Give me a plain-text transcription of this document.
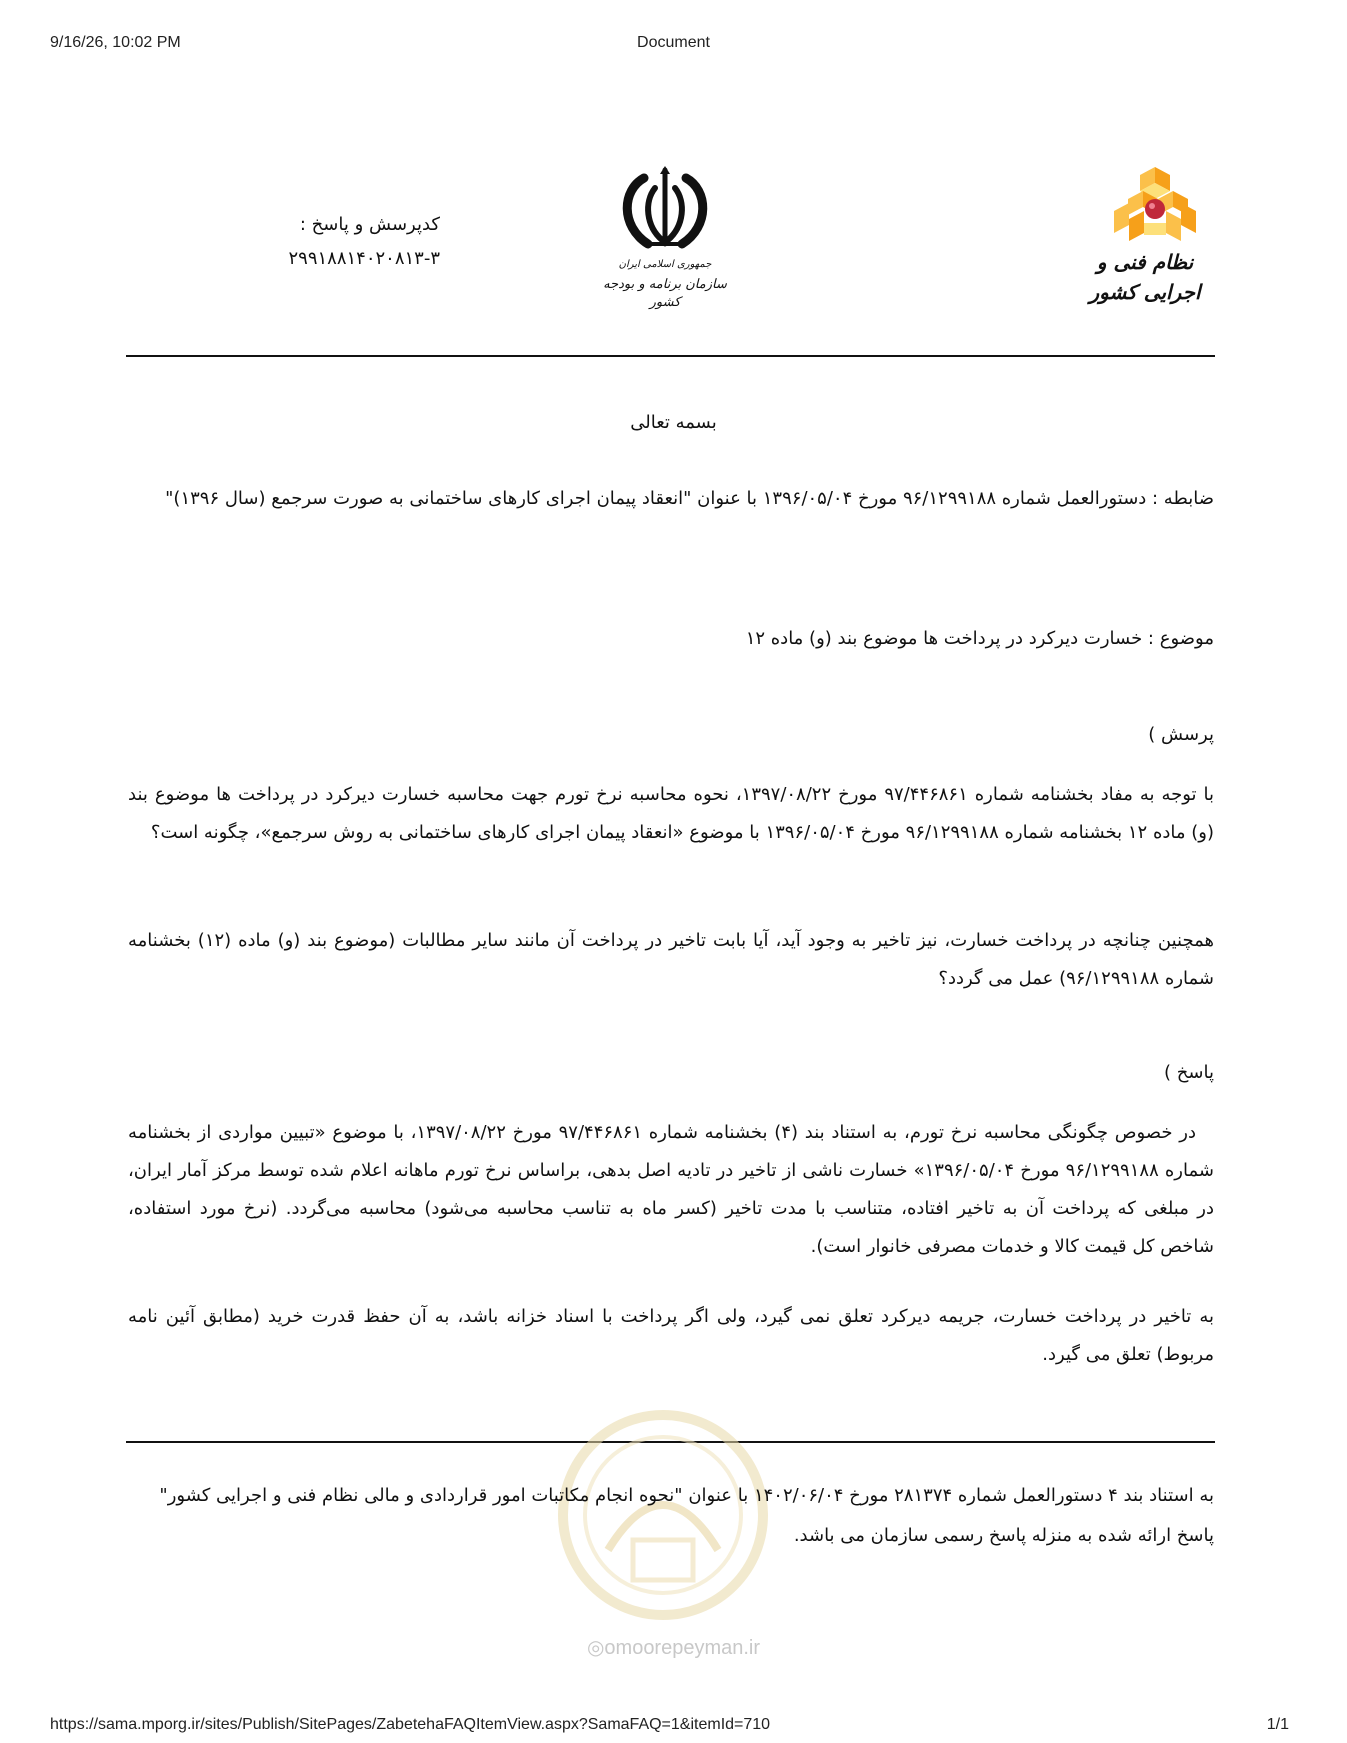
9/16/26, 10:02 PM	Document
کدپرسش و پاسخ :
۲۹۹۱۸۸۱۴۰۲۰۸۱۳-۳	جمهوری اسلامی ایران
سازمان برنامه و بودجه کشور
نظام فنی و اجرایی کشور
بسمه تعالی
ضابطه : دستورالعمل شماره ۹۶/۱۲۹۹۱۸۸ مورخ ۱۳۹۶/۰۵/۰۴ با عنوان "انعقاد پیمان اجرای کارهای ساختمانی به صورت سرجمع (سال ۱۳۹۶)"
موضوع : خسارت دیرکرد در پرداخت ها موضوع بند (و) ماده ۱۲
پرسش )
با توجه به مفاد بخشنامه شماره ۹۷/۴۴۶۸۶۱ مورخ ۱۳۹۷/۰۸/۲۲، نحوه محاسبه نرخ تورم جهت محاسبه خسارت دیرکرد در پرداخت ها موضوع بند (و) ماده ۱۲ بخشنامه شماره ۹۶/۱۲۹۹۱۸۸ مورخ ۱۳۹۶/۰۵/۰۴ با موضوع «انعقاد پیمان اجرای کارهای ساختمانی به روش سرجمع»، چگونه است؟
همچنین چنانچه در پرداخت خسارت، نیز تاخیر به وجود آید، آیا بابت تاخیر در پرداخت آن مانند سایر مطالبات (موضوع بند (و) ماده (۱۲) بخشنامه شماره ۹۶/۱۲۹۹۱۸۸) عمل می گردد؟
پاسخ )
در خصوص چگونگی محاسبه نرخ تورم، به استناد بند (۴) بخشنامه شماره ۹۷/۴۴۶۸۶۱ مورخ ۱۳۹۷/۰۸/۲۲، با موضوع «تبیین مواردی از بخشنامه شماره ۹۶/۱۲۹۹۱۸۸ مورخ ۱۳۹۶/۰۵/۰۴» خسارت ناشی از تاخیر در تادیه اصل بدهی، براساس نرخ تورم ماهانه اعلام شده توسط مرکز آمار ایران، در مبلغی که پرداخت آن به تاخیر افتاده، متناسب با مدت تاخیر (کسر ماه به تناسب محاسبه می‌شود) محاسبه می‌گردد. (نرخ مورد استفاده، شاخص کل قیمت کالا و خدمات مصرفی خانوار است).
به تاخیر در پرداخت خسارت، جریمه دیرکرد تعلق نمی گیرد، ولی اگر پرداخت با اسناد خزانه باشد، به آن حفظ قدرت خرید (مطابق آئین نامه مربوط) تعلق می گیرد.
به استناد بند ۴ دستورالعمل شماره ۲۸۱۳۷۴ مورخ ۱۴۰۲/۰۶/۰۴ با عنوان "نحوه انجام مکاتبات امور قراردادی و مالی نظام فنی و اجرایی کشور" پاسخ ارائه شده به منزله پاسخ رسمی سازمان می باشد.
◎omoorepeyman.ir
https://sama.mporg.ir/sites/Publish/SitePages/ZabetehaFAQItemView.aspx?SamaFAQ=1&itemId=710	1/1
